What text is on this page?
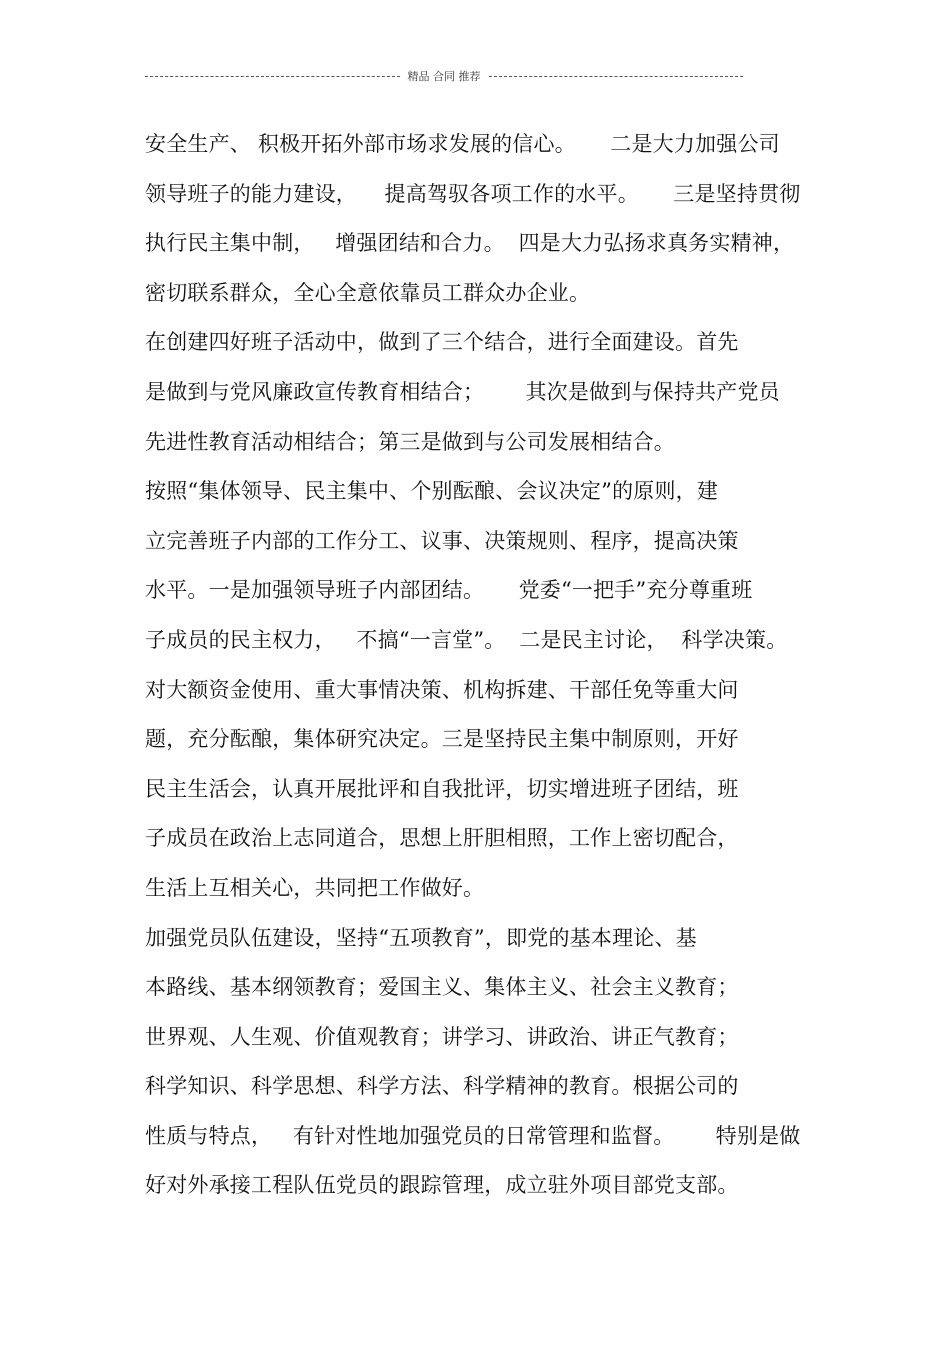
精品 合同 推荐
安全生产、 积极开拓外部市场求发展的信心。     二是大力加强公司
领导班子的能力建设，    提高驾驭各项工作的水平。     三是坚持贯彻
执行民主集中制，   增强团结和合力。  四是大力弘扬求真务实精神，
密切联系群众，全心全意依靠员工群众办企业。
在创建四好班子活动中，做到了三个结合，进行全面建设。首先
是做到与党风廉政宣传教育相结合；      其次是做到与保持共产党员
先进性教育活动相结合；第三是做到与公司发展相结合。
按照“集体领导、民主集中、个别酝酿、会议决定”的原则，建
立完善班子内部的工作分工、议事、决策规则、程序，提高决策
水平。一是加强领导班子内部团结。     党委“一把手”充分尊重班
子成员的民主权力，   不搞“一言堂”。  二是民主讨论，  科学决策。
对大额资金使用、重大事情决策、机构拆建、干部任免等重大问
题，充分酝酿，集体研究决定。三是坚持民主集中制原则，开好
民主生活会，认真开展批评和自我批评，切实增进班子团结，班
子成员在政治上志同道合，思想上肝胆相照，工作上密切配合，
生活上互相关心，共同把工作做好。
加强党员队伍建设，坚持“五项教育”，即党的基本理论、基
本路线、基本纲领教育；爱国主义、集体主义、社会主义教育；
世界观、人生观、价值观教育；讲学习、讲政治、讲正气教育；
科学知识、科学思想、科学方法、科学精神的教育。根据公司的
性质与特点，   有针对性地加强党员的日常管理和监督。      特别是做
好对外承接工程队伍党员的跟踪管理，成立驻外项目部党支部。
